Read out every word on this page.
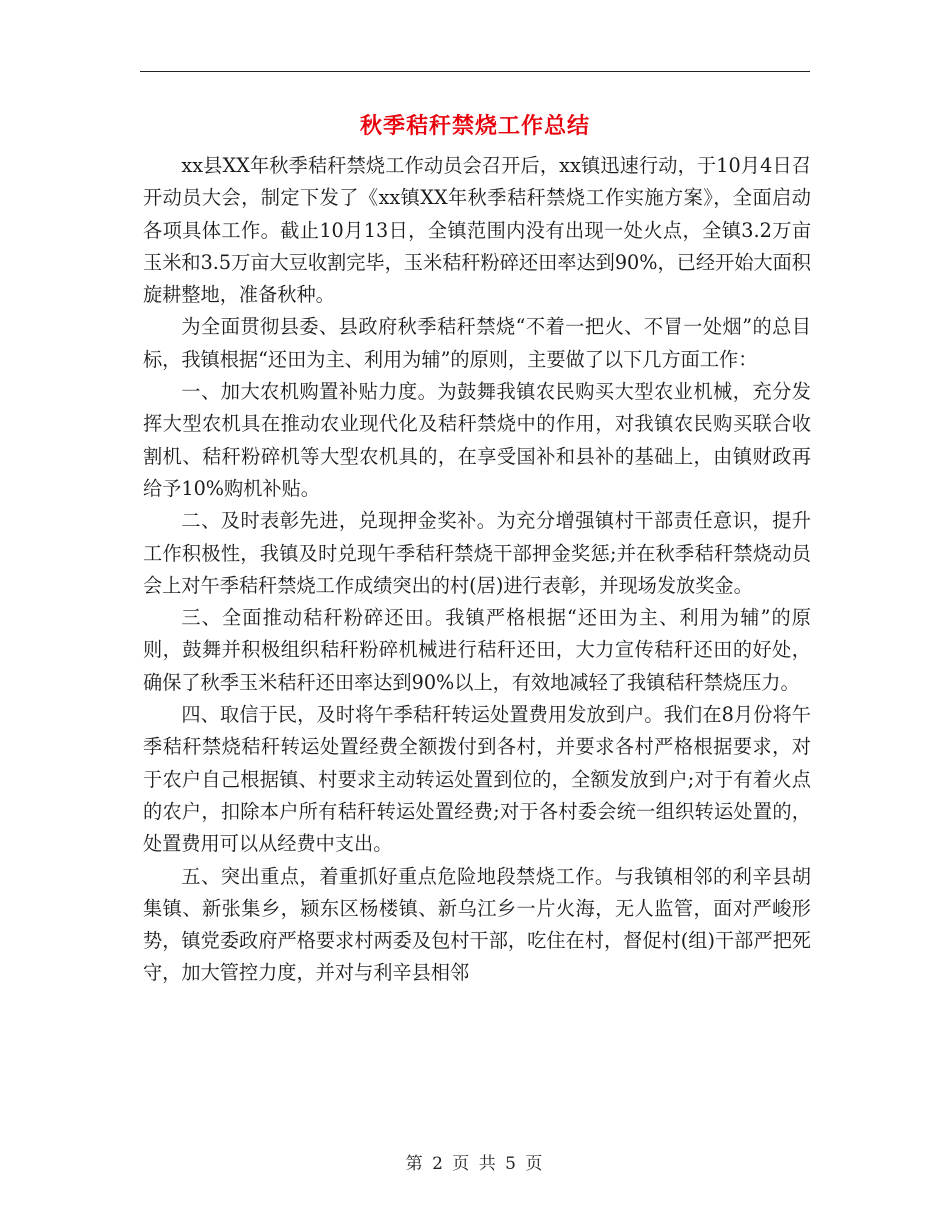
秋季秸秆禁烧工作总结

xx县XX年秋季秸秆禁烧工作动员会召开后，xx镇迅速行动，于10月4日召开动员大会，制定下发了《xx镇XX年秋季秸秆禁烧工作实施方案》，全面启动各项具体工作。截止10月13日，全镇范围内没有出现一处火点，全镇3.2万亩玉米和3.5万亩大豆收割完毕，玉米秸秆粉碎还田率达到90%，已经开始大面积旋耕整地，准备秋种。

为全面贯彻县委、县政府秋季秸秆禁烧“不着一把火、不冒一处烟”的总目标，我镇根据“还田为主、利用为辅”的原则，主要做了以下几方面工作：

一、加大农机购置补贴力度。为鼓舞我镇农民购买大型农业机械，充分发挥大型农机具在推动农业现代化及秸秆禁烧中的作用，对我镇农民购买联合收割机、秸秆粉碎机等大型农机具的，在享受国补和县补的基础上，由镇财政再给予10%购机补贴。

二、及时表彰先进，兑现押金奖补。为充分增强镇村干部责任意识，提升工作积极性，我镇及时兑现午季秸秆禁烧干部押金奖惩;并在秋季秸秆禁烧动员会上对午季秸秆禁烧工作成绩突出的村(居)进行表彰，并现场发放奖金。

三、全面推动秸秆粉碎还田。我镇严格根据“还田为主、利用为辅”的原则，鼓舞并积极组织秸秆粉碎机械进行秸秆还田，大力宣传秸秆还田的好处，确保了秋季玉米秸秆还田率达到90%以上，有效地减轻了我镇秸秆禁烧压力。

四、取信于民，及时将午季秸秆转运处置费用发放到户。我们在8月份将午季秸秆禁烧秸秆转运处置经费全额拨付到各村，并要求各村严格根据要求，对于农户自己根据镇、村要求主动转运处置到位的，全额发放到户;对于有着火点的农户，扣除本户所有秸秆转运处置经费;对于各村委会统一组织转运处置的，处置费用可以从经费中支出。

五、突出重点，着重抓好重点危险地段禁烧工作。与我镇相邻的利辛县胡集镇、新张集乡，颍东区杨楼镇、新乌江乡一片火海，无人监管，面对严峻形势，镇党委政府严格要求村两委及包村干部，吃住在村，督促村(组)干部严把死守，加大管控力度，并对与利辛县相邻

第 2 页 共 5 页
